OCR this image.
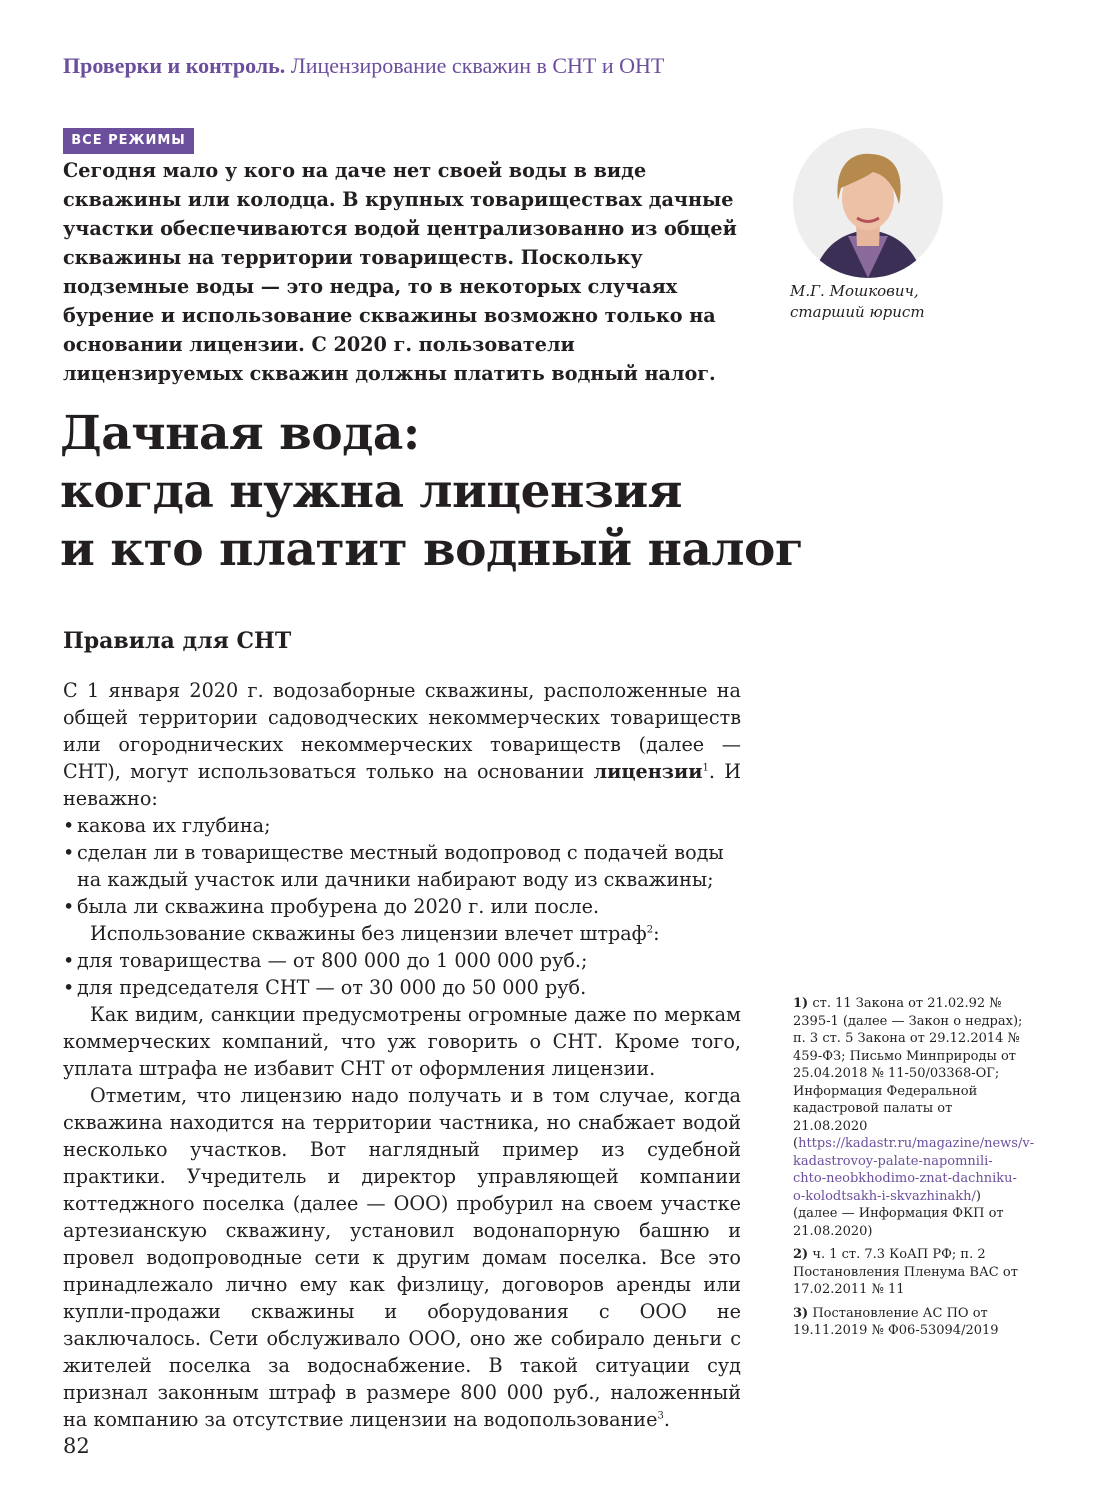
Проверки и контроль. Лицензирование скважин в СНТ и ОНТ
ВСЕ РЕЖИМЫ

Сегодня мало у кого на даче нет своей воды в виде скважины или колодца. В крупных товариществах дачные участки обеспечиваются водой централизованно из общей скважины на территории товариществ. Поскольку подземные воды — это недра, то в некоторых случаях бурение и использование скважины возможно только на основании лицензии. С 2020 г. пользователи лицензируемых скважин должны платить водный налог.

М.Г. Мошкович,
старший юрист
Дачная вода:
когда нужна лицензия
и кто платит водный налог
Правила для СНТ

С 1 января 2020 г. водозаборные скважины, расположенные на общей территории садоводческих некоммерческих товариществ или огороднических некоммерческих товариществ (далее — СНТ), могут использоваться только на основании лицензии$^1$. И неважно:

• какова их глубина;
• сделан ли в товариществе местный водопровод с подачей воды на каждый участок или дачники набирают воду из скважины;
• была ли скважина пробурена до 2020 г. или после.

Использование скважины без лицензии влечет штраф$^2$:

• для товарищества — от 800 000 до 1 000 000 руб.;
• для председателя СНТ — от 30 000 до 50 000 руб.

Как видим, санкции предусмотрены огромные даже по меркам коммерческих компаний, что уж говорить о СНТ. Кроме того, уплата штрафа не избавит СНТ от оформления лицензии.

Отметим, что лицензию надо получать и в том случае, когда скважина находится на территории частника, но снабжает водой несколько участков. Вот наглядный пример из судебной практики. Учредитель и директор управляющей компании коттеджного поселка (далее — ООО) пробурил на своем участке артезианскую скважину, установил водонапорную башню и провел водопроводные сети к другим домам поселка. Все это принадлежало лично ему как физлицу, договоров аренды или купли-продажи скважины и оборудования с ООО не заключалось. Сети обслуживало ООО, оно же собирало деньги с жителей поселка за водоснабжение. В такой ситуации суд признал законным штраф в размере 800 000 руб., наложенный на компанию за отсутствие лицензии на водопользование$^3$.

1) ст. 11 Закона от 21.02.92 № 2395-1 (далее — Закон о недрах); п. 3 ст. 5 Закона от 29.12.2014 № 459-ФЗ; Письмо Минприроды от 25.04.2018 № 11-50/03368-ОГ; Информация Федеральной кадастровой палаты от 21.08.2020 (https://kadastr.ru/magazine/news/v-kadastrovoy-palate-napomnili-chto-neobkhodimo-znat-dachniku-o-kolodtsakh-i-skvazhinakh/) (далее — Информация ФКП от 21.08.2020)
2) ч. 1 ст. 7.3 КоАП РФ; п. 2 Постановления Пленума ВАС от 17.02.2011 № 11
3) Постановление АС ПО от 19.11.2019 № Ф06-53094/2019
82
